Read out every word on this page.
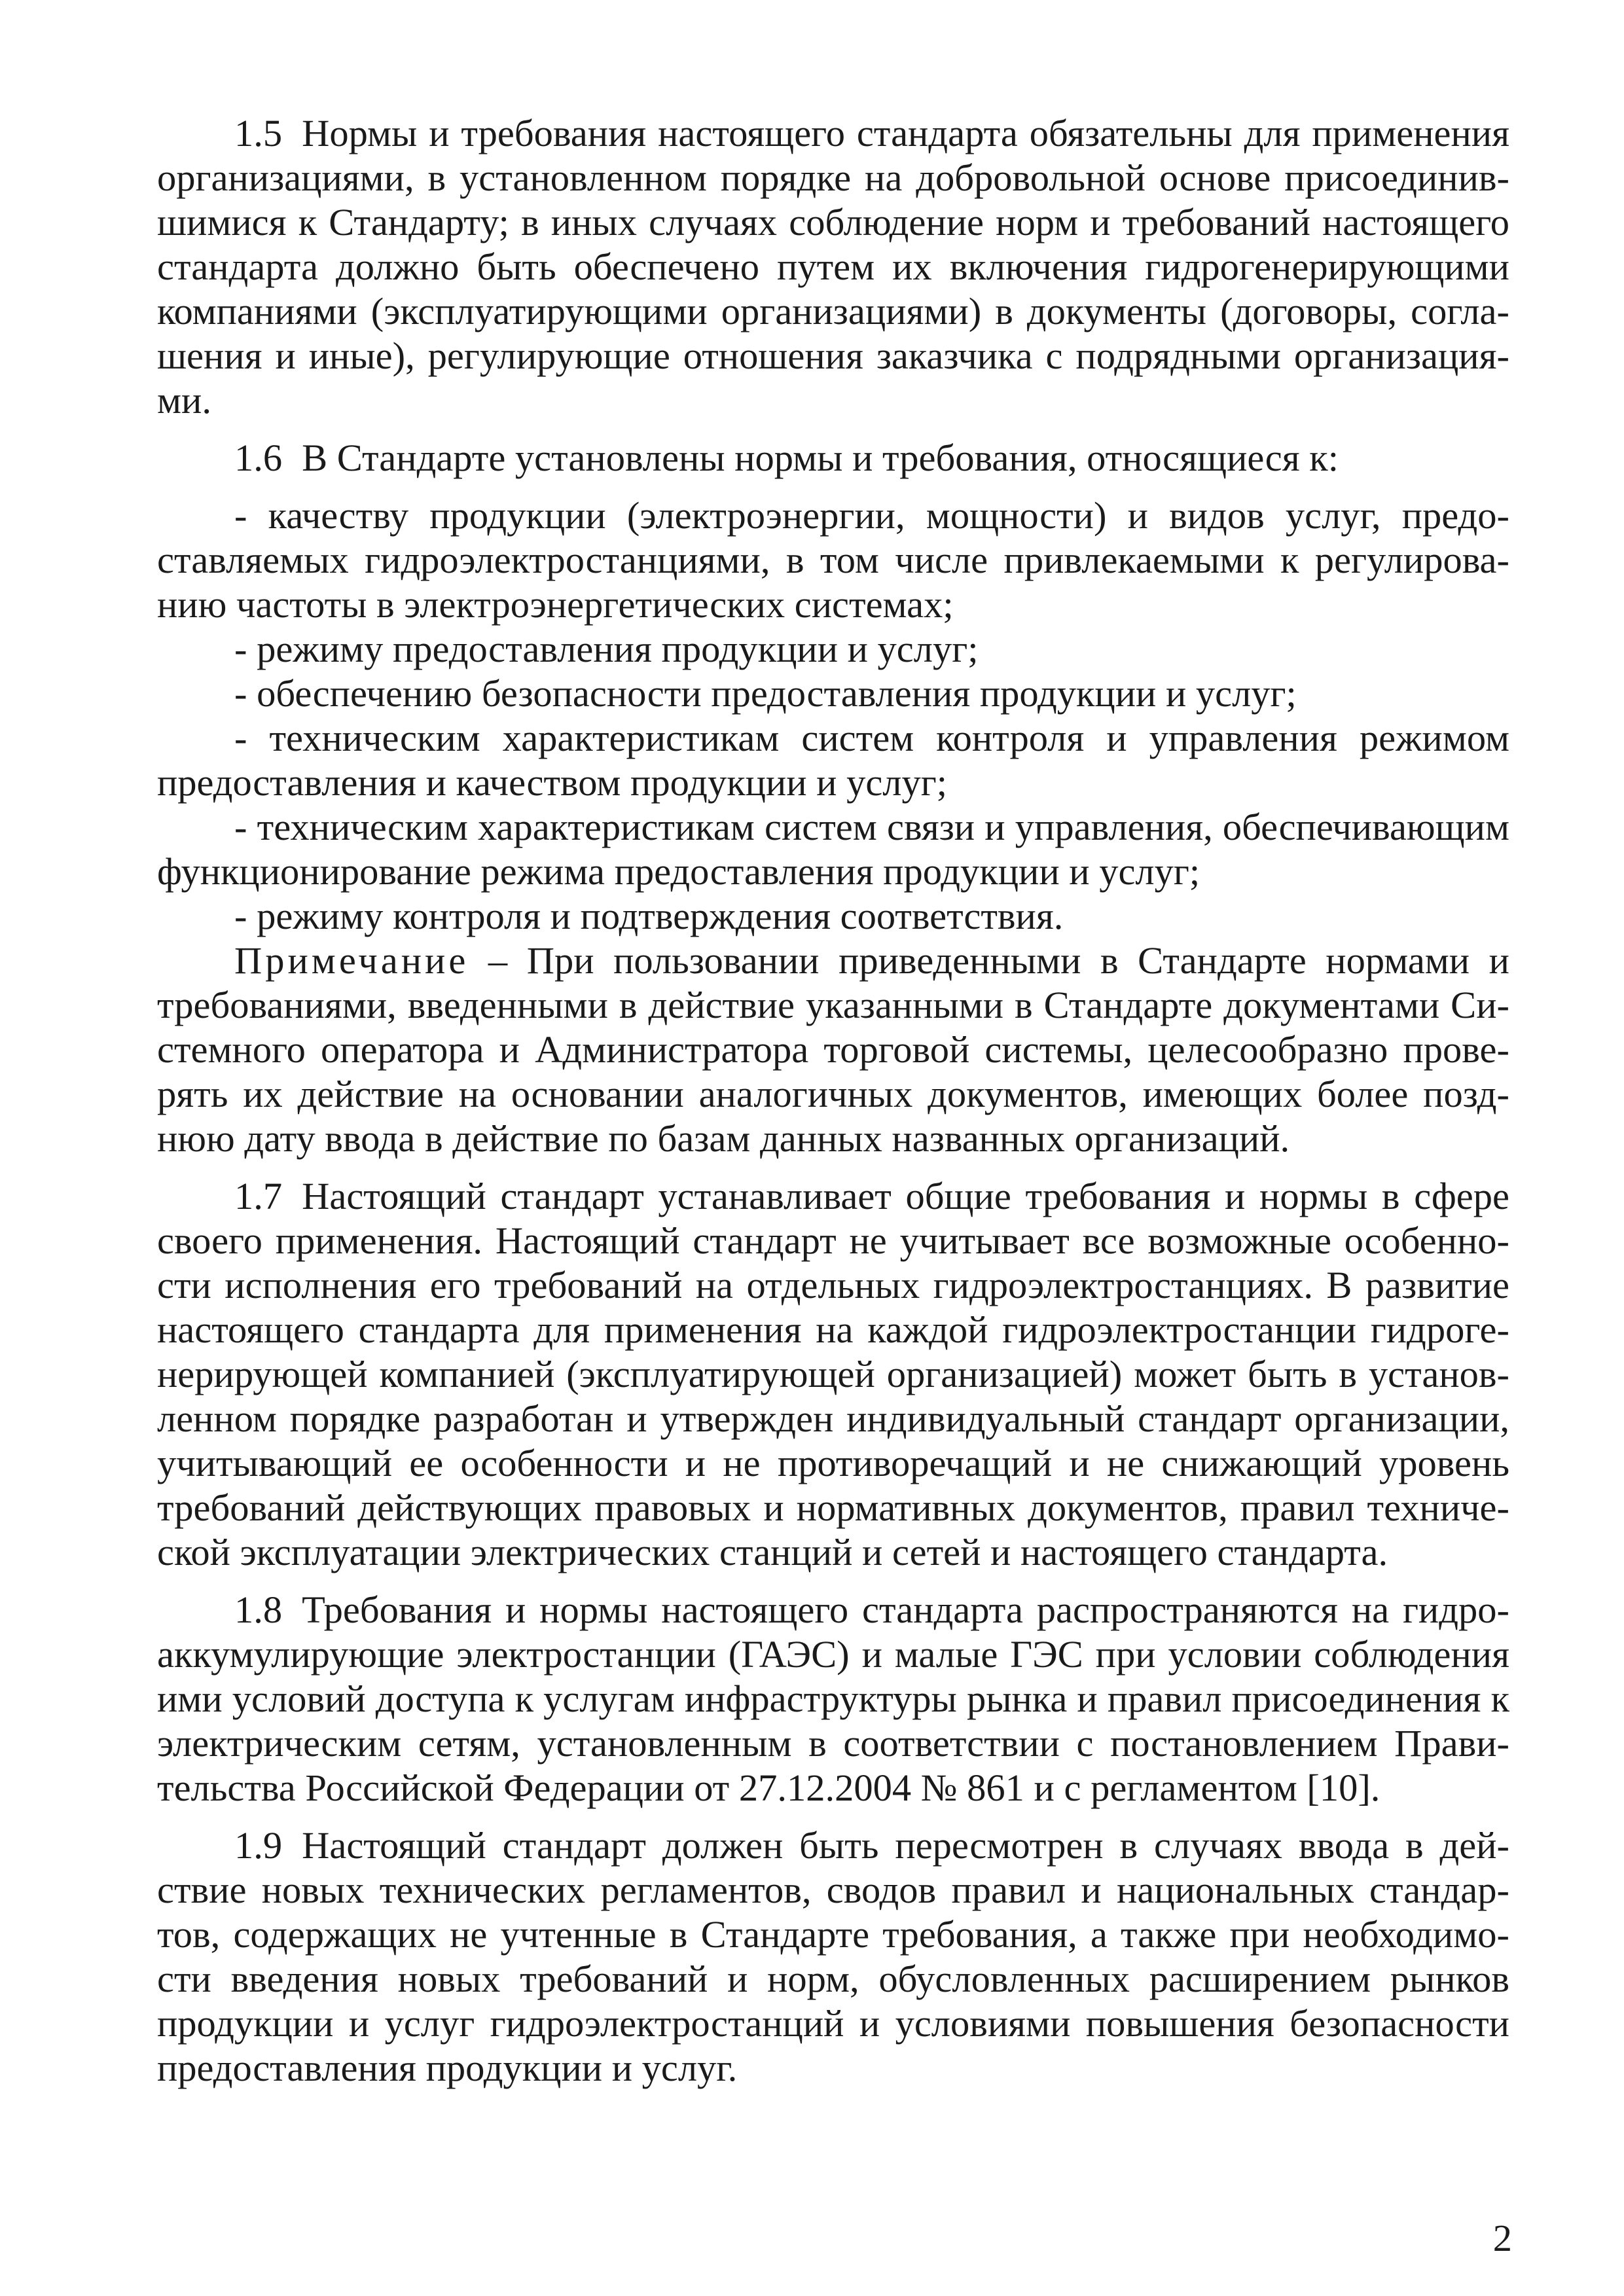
1.5 Нормы и требования настоящего стандарта обязательны для применения организациями, в установленном порядке на добровольной основе присоединившимися к Стандарту; в иных случаях соблюдение норм и требований настоящего стандарта должно быть обеспечено путем их включения гидрогенерирующими компаниями (эксплуатирующими организациями) в документы (договоры, соглашения и иные), регулирующие отношения заказчика с подрядными организациями.

1.6 В Стандарте установлены нормы и требования, относящиеся к:

- качеству продукции (электроэнергии, мощности) и видов услуг, предоставляемых гидроэлектростанциями, в том числе привлекаемыми к регулированию частоты в электроэнергетических системах;

- режиму предоставления продукции и услуг;

- обеспечению безопасности предоставления продукции и услуг;

- техническим характеристикам систем контроля и управления режимом предоставления и качеством продукции и услуг;

- техническим характеристикам систем связи и управления, обеспечивающим функционирование режима предоставления продукции и услуг;

- режиму контроля и подтверждения соответствия.

Примечание – При пользовании приведенными в Стандарте нормами и требованиями, введенными в действие указанными в Стандарте документами Системного оператора и Администратора торговой системы, целесообразно проверять их действие на основании аналогичных документов, имеющих более позднюю дату ввода в действие по базам данных названных организаций.

1.7 Настоящий стандарт устанавливает общие требования и нормы в сфере своего применения. Настоящий стандарт не учитывает все возможные особенности исполнения его требований на отдельных гидроэлектростанциях. В развитие настоящего стандарта для применения на каждой гидроэлектростанции гидрогенерирующей компанией (эксплуатирующей организацией) может быть в установленном порядке разработан и утвержден индивидуальный стандарт организации, учитывающий ее особенности и не противоречащий и не снижающий уровень требований действующих правовых и нормативных документов, правил технической эксплуатации электрических станций и сетей и настоящего стандарта.

1.8 Требования и нормы настоящего стандарта распространяются на гидроаккумулирующие электростанции (ГАЭС) и малые ГЭС при условии соблюдения ими условий доступа к услугам инфраструктуры рынка и правил присоединения к электрическим сетям, установленным в соответствии с постановлением Правительства Российской Федерации от 27.12.2004 № 861 и с регламентом [10].

1.9 Настоящий стандарт должен быть пересмотрен в случаях ввода в действие новых технических регламентов, сводов правил и национальных стандартов, содержащих не учтенные в Стандарте требования, а также при необходимости введения новых требований и норм, обусловленных расширением рынков продукции и услуг гидроэлектростанций и условиями повышения безопасности предоставления продукции и услуг.

2
